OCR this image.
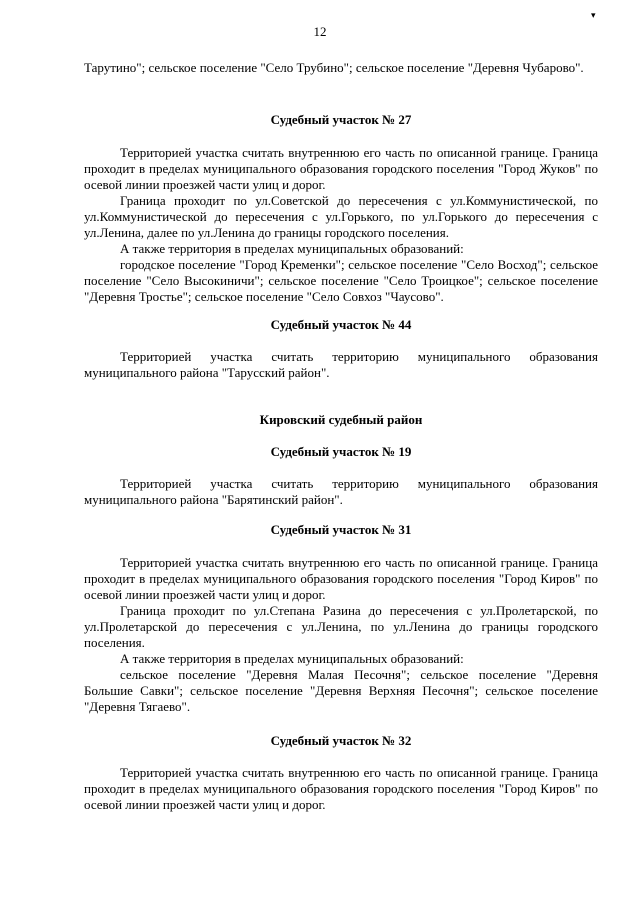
▾
12

Тарутино"; сельское поселение "Село Трубино"; сельское поселение "Деревня Чубарово".

Судебный участок № 27

Территорией участка считать внутреннюю его часть по описанной границе. Граница проходит в пределах муниципального образования городского поселения "Город Жуков" по осевой линии проезжей части улиц и дорог.

Граница проходит по ул.Советской до пересечения с ул.Коммунистической, по ул.Коммунистической до пересечения с ул.Горького, по ул.Горького до пересечения с ул.Ленина, далее по ул.Ленина до границы городского поселения.

А также территория в пределах муниципальных образований:

городское поселение "Город Кременки"; сельское поселение "Село Восход"; сельское поселение "Село Высокиничи"; сельское поселение "Село Троицкое"; сельское поселение "Деревня Тростье"; сельское поселение "Село Совхоз "Чаусово".

Судебный участок № 44

Территорией участка считать территорию муниципального образования муниципального района "Тарусский район".

Кировский судебный район

Судебный участок № 19

Территорией участка считать территорию муниципального образования муниципального района "Барятинский район".

Судебный участок № 31

Территорией участка считать внутреннюю его часть по описанной границе. Граница проходит в пределах муниципального образования городского поселения "Город Киров" по осевой линии проезжей части улиц и дорог.

Граница проходит по ул.Степана Разина до пересечения с ул.Пролетарской, по ул.Пролетарской до пересечения с ул.Ленина, по ул.Ленина до границы городского поселения.

А также территория в пределах муниципальных образований:

сельское поселение "Деревня Малая Песочня"; сельское поселение "Деревня Большие Савки"; сельское поселение "Деревня Верхняя Песочня"; сельское поселение "Деревня Тягаево".

Судебный участок № 32

Территорией участка считать внутреннюю его часть по описанной границе. Граница проходит в пределах муниципального образования городского поселения "Город Киров" по осевой линии проезжей части улиц и дорог.
